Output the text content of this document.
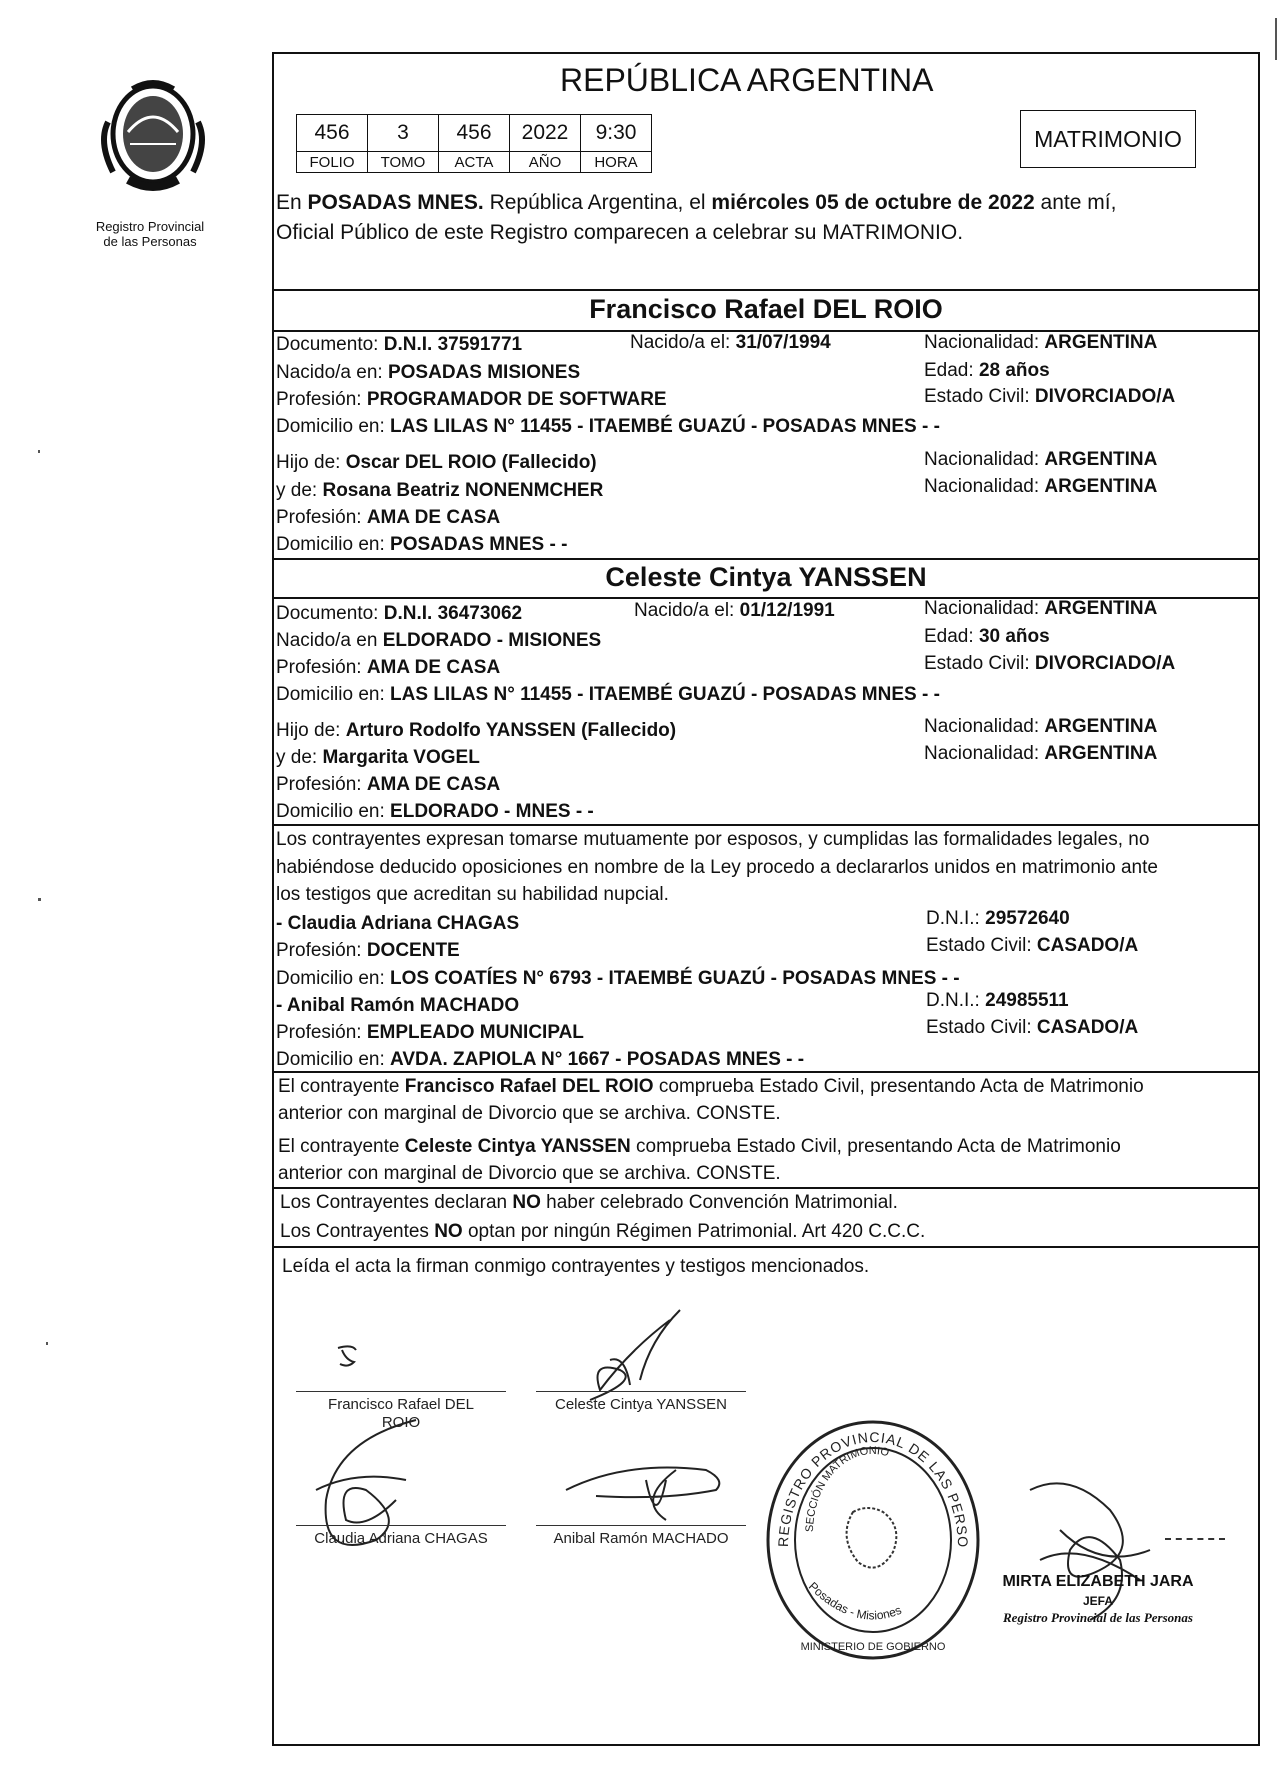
Registro Provincial
de las Personas
REPÚBLICA ARGENTINA
456	3	456	2022	9:30
FOLIO	TOMO	ACTA	AÑO	HORA
MATRIMONIO
En POSADAS MNES. República Argentina, el miércoles 05 de octubre de 2022 ante mí,
Oficial Público de este Registro comparecen a celebrar su MATRIMONIO.
Francisco Rafael DEL ROIO
Documento: D.N.I. 37591771	Nacido/a el: 31/07/1994	Nacionalidad: ARGENTINA
Nacido/a en: POSADAS MISIONES	Edad: 28 años
Profesión: PROGRAMADOR DE SOFTWARE	Estado Civil: DIVORCIADO/A
Domicilio en: LAS LILAS N° 11455 - ITAEMBÉ GUAZÚ - POSADAS MNES - -
Hijo de: Oscar DEL ROIO (Fallecido)	Nacionalidad: ARGENTINA
y de: Rosana Beatriz NONENMCHER	Nacionalidad: ARGENTINA
Profesión: AMA DE CASA
Domicilio en: POSADAS MNES - -
Celeste Cintya YANSSEN
Documento: D.N.I. 36473062	Nacido/a el: 01/12/1991	Nacionalidad: ARGENTINA
Nacido/a en ELDORADO - MISIONES	Edad: 30 años
Profesión: AMA DE CASA	Estado Civil: DIVORCIADO/A
Domicilio en: LAS LILAS N° 11455 - ITAEMBÉ GUAZÚ - POSADAS MNES - -
Hijo de: Arturo Rodolfo YANSSEN (Fallecido)	Nacionalidad: ARGENTINA
y de: Margarita VOGEL	Nacionalidad: ARGENTINA
Profesión: AMA DE CASA
Domicilio en: ELDORADO - MNES - -
Los contrayentes expresan tomarse mutuamente por esposos, y cumplidas las formalidades legales, no
habiéndose deducido oposiciones en nombre de la Ley procedo a declararlos unidos en matrimonio ante
los testigos que acreditan su habilidad nupcial.
- Claudia Adriana CHAGAS	D.N.I.: 29572640
Profesión: DOCENTE	Estado Civil: CASADO/A
Domicilio en: LOS COATÍES N° 6793 - ITAEMBÉ GUAZÚ - POSADAS MNES - -
- Anibal Ramón MACHADO	D.N.I.: 24985511
Profesión: EMPLEADO MUNICIPAL	Estado Civil: CASADO/A
Domicilio en: AVDA. ZAPIOLA N° 1667 - POSADAS MNES - -
El contrayente Francisco Rafael DEL ROIO comprueba Estado Civil, presentando Acta de Matrimonio
anterior con marginal de Divorcio que se archiva. CONSTE.
El contrayente Celeste Cintya YANSSEN comprueba Estado Civil, presentando Acta de Matrimonio
anterior con marginal de Divorcio que se archiva. CONSTE.
Los Contrayentes declaran NO haber celebrado Convención Matrimonial.
Los Contrayentes NO optan por ningún Régimen Patrimonial. Art 420 C.C.C.
Leída el acta la firman conmigo contrayentes y testigos mencionados.
Francisco Rafael DEL
ROIO
Celeste Cintya YANSSEN
Claudia Adriana CHAGAS	Anibal Ramón MACHADO	REGISTRO PROVINCIAL DE LAS PERSO
SECCIÓN MATRIMONIO
Posadas - Misiones
MINISTERIO DE GOBIERNO
MIRTA ELIZABETH JARA
JEFA
Registro Provincial de las Personas
